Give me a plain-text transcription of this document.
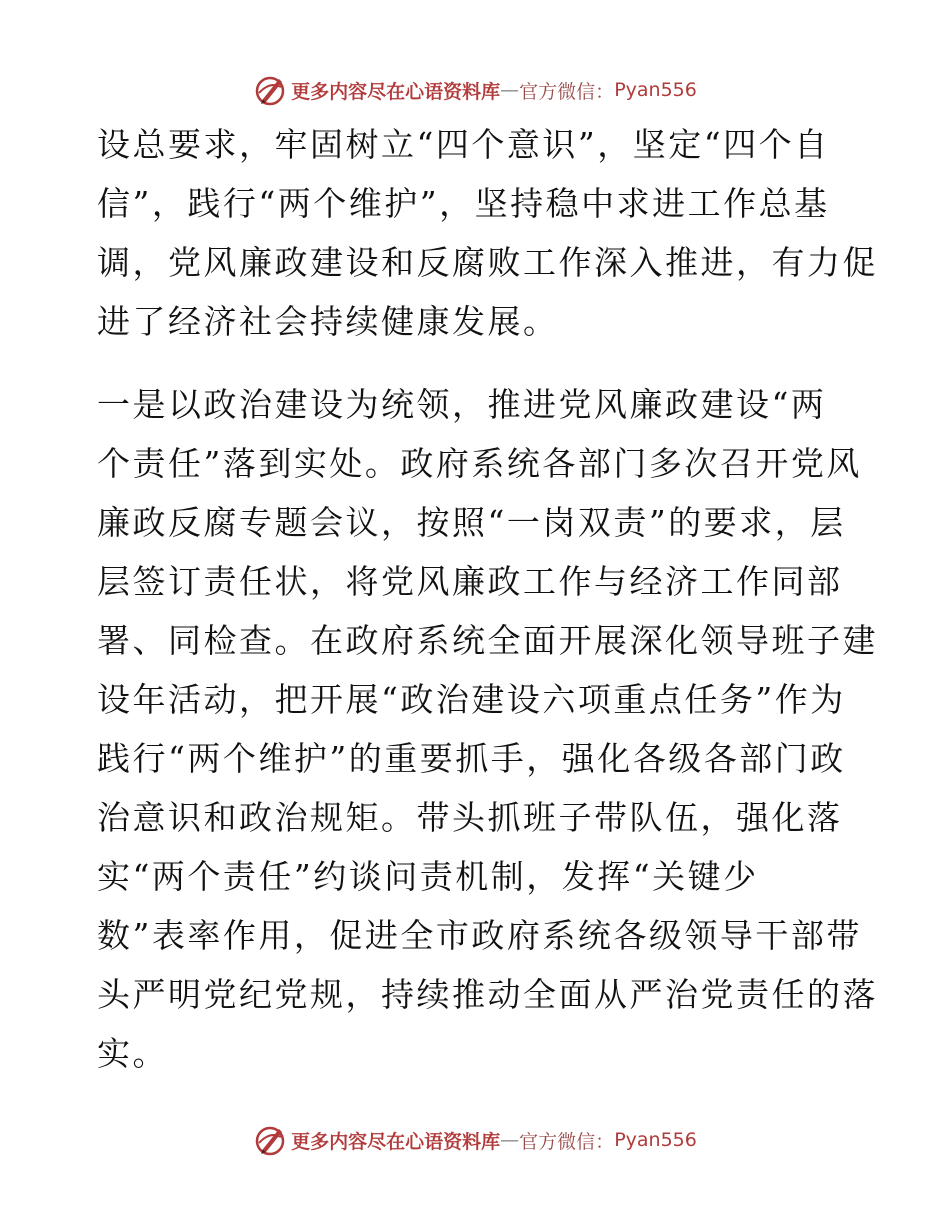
更多内容尽在心语资料库 — 官方微信： Pyan556
设总要求，牢固树立“四个意识”，坚定“四个自
信”，践行“两个维护”，坚持稳中求进工作总基
调，党风廉政建设和反腐败工作深入推进，有力促
进了经济社会持续健康发展。
一是以政治建设为统领，推进党风廉政建设“两
个责任”落到实处。政府系统各部门多次召开党风
廉政反腐专题会议，按照“一岗双责”的要求，层
层签订责任状，将党风廉政工作与经济工作同部
署、同检查。在政府系统全面开展深化领导班子建
设年活动，把开展“政治建设六项重点任务”作为
践行“两个维护”的重要抓手，强化各级各部门政
治意识和政治规矩。带头抓班子带队伍，强化落
实“两个责任”约谈问责机制，发挥“关键少
数”表率作用，促进全市政府系统各级领导干部带
头严明党纪党规，持续推动全面从严治党责任的落
实。
更多内容尽在心语资料库 — 官方微信： Pyan556
